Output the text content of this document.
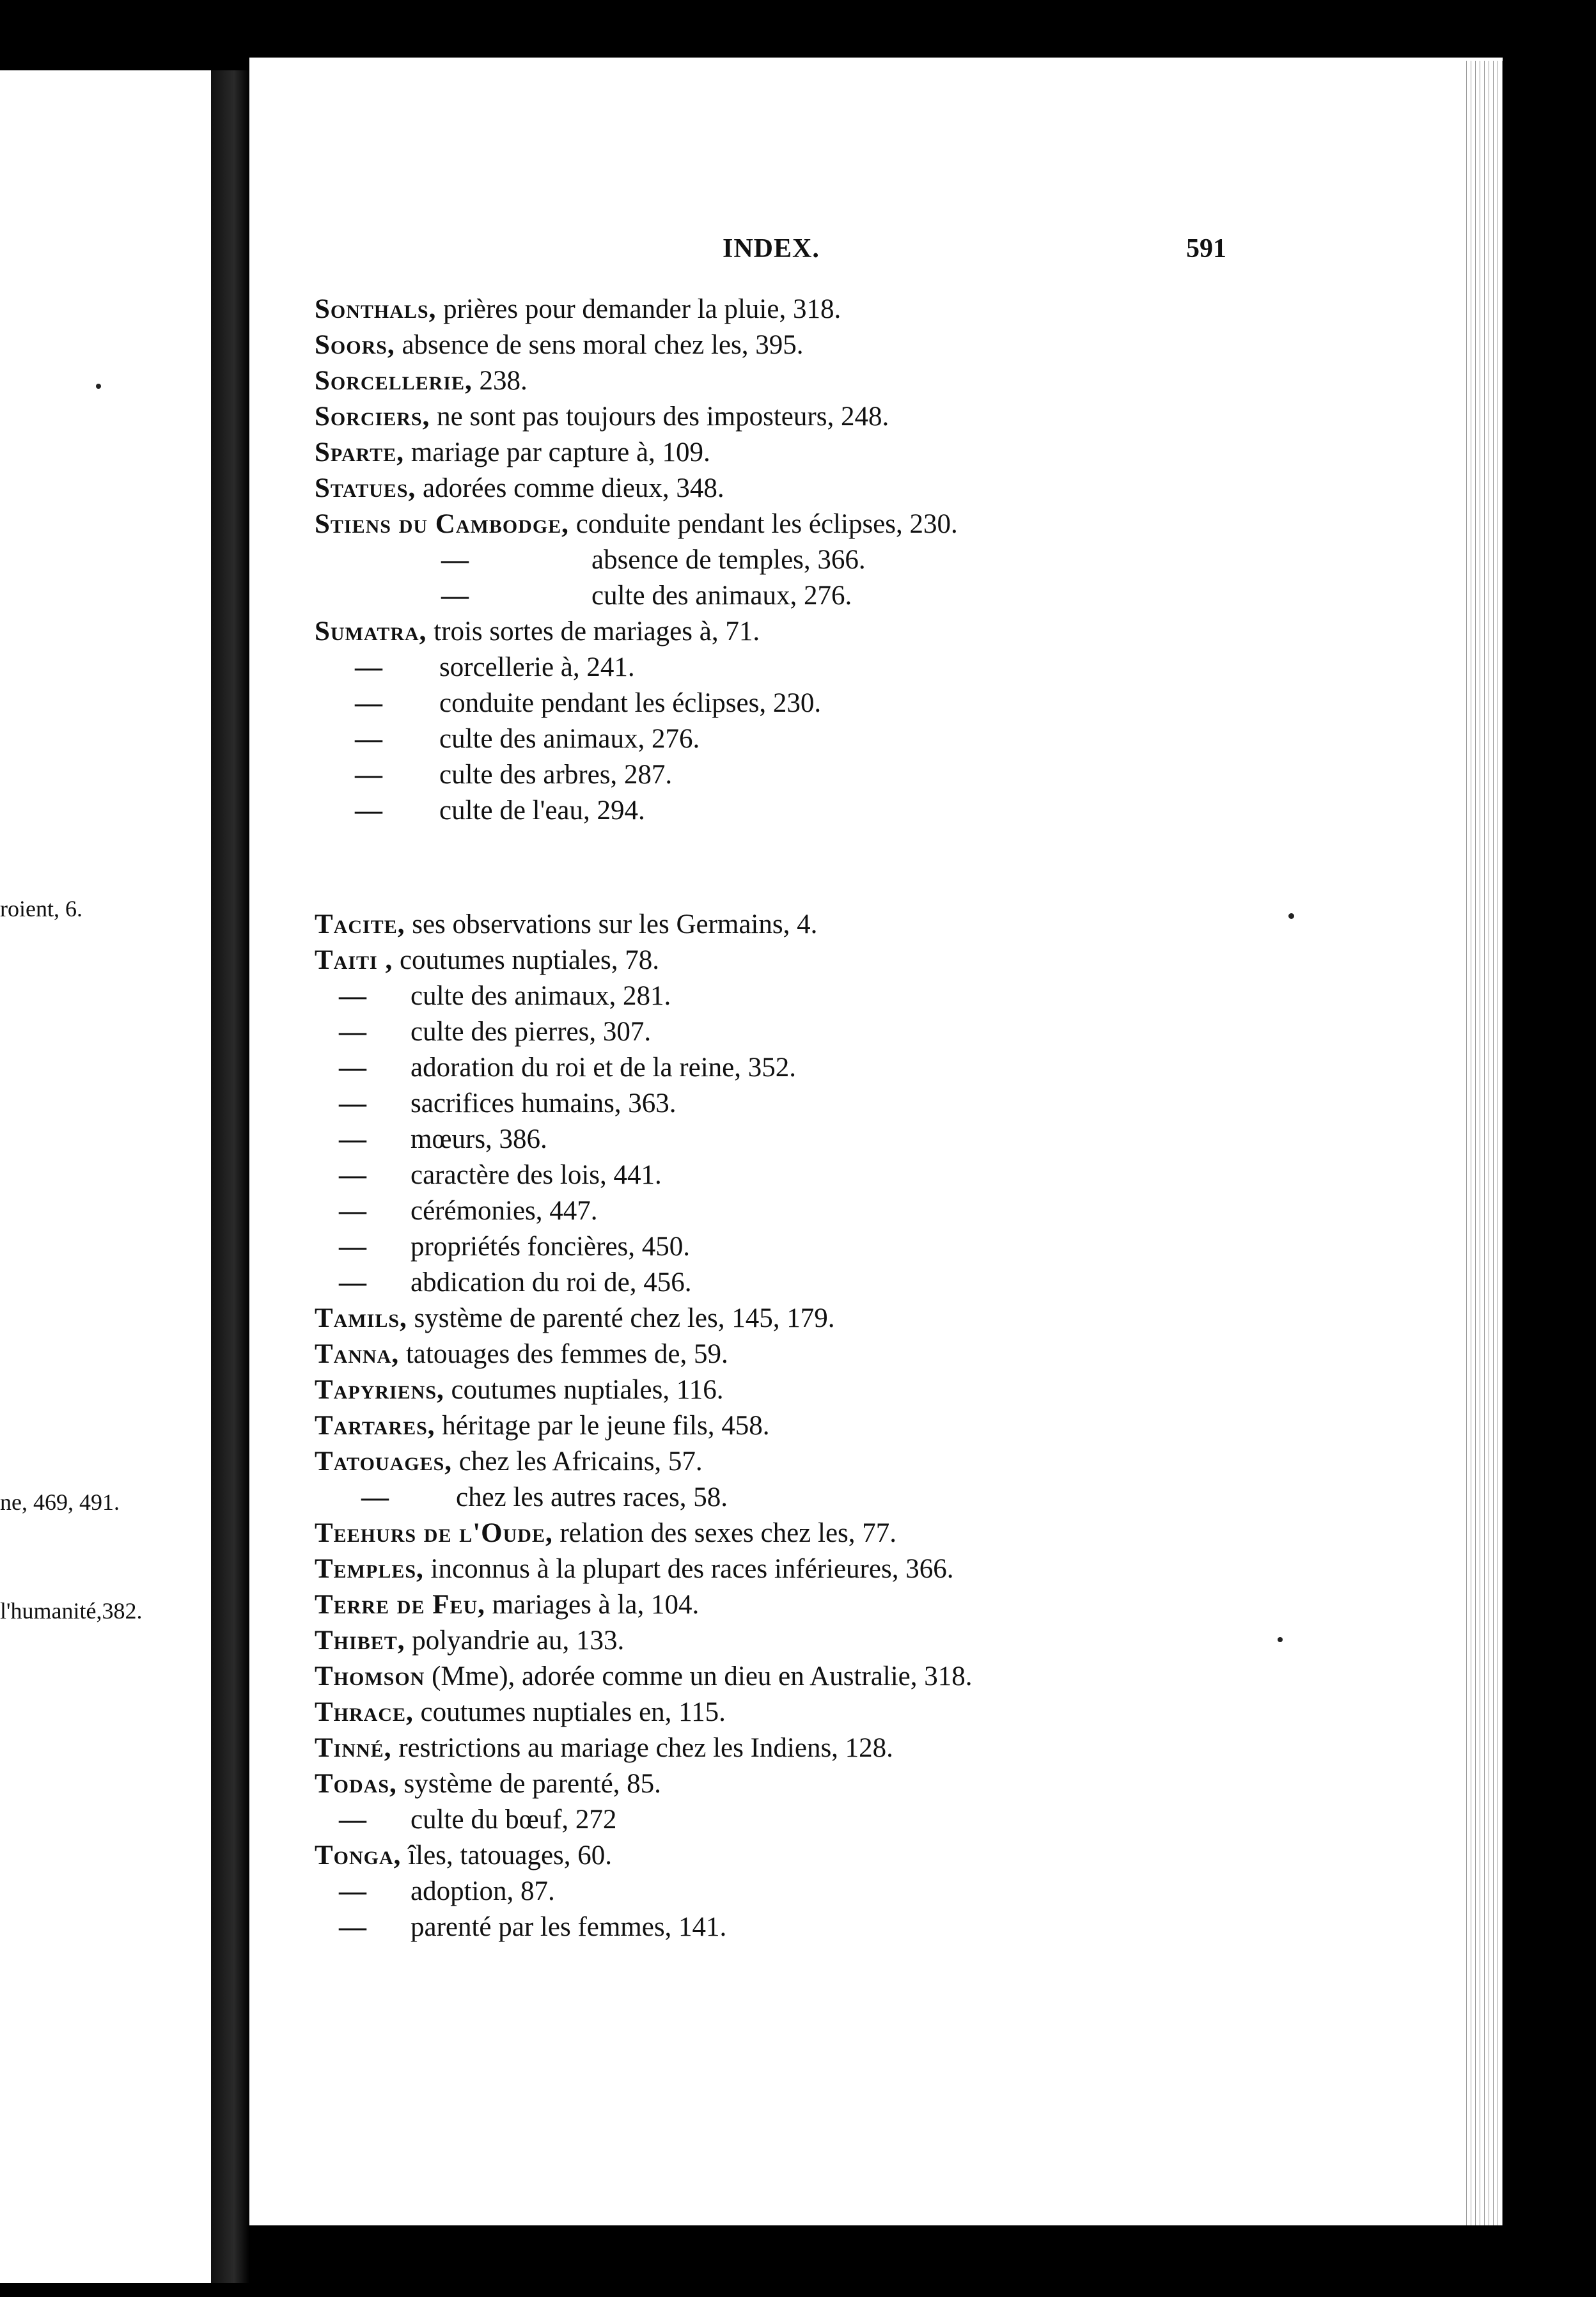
roient, 6.
ne, 469, 491.
l'humanité,382.
INDEX.	591
Sonthals, prières pour demander la pluie, 318.
Soors, absence de sens moral chez les, 395.
Sorcellerie, 238.
Sorciers, ne sont pas toujours des imposteurs, 248.
Sparte, mariage par capture à, 109.
Statues, adorées comme dieux, 348.
Stiens du Cambodge, conduite pendant les éclipses, 230.
—	absence de temples, 366.
—	culte des animaux, 276.
Sumatra, trois sortes de mariages à, 71.
— sorcellerie à, 241.
— conduite pendant les éclipses, 230.
— culte des animaux, 276.
— culte des arbres, 287.
— culte de l'eau, 294.
Tacite, ses observations sur les Germains, 4.
Taiti , coutumes nuptiales, 78.
— culte des animaux, 281.
— culte des pierres, 307.
— adoration du roi et de la reine, 352.
— sacrifices humains, 363.
— mœurs, 386.
— caractère des lois, 441.
— cérémonies, 447.
— propriétés foncières, 450.
— abdication du roi de, 456.
Tamils, système de parenté chez les, 145, 179.
Tanna, tatouages des femmes de, 59.
Tapyriens, coutumes nuptiales, 116.
Tartares, héritage par le jeune fils, 458.
Tatouages, chez les Africains, 57.
— chez les autres races, 58.
Teehurs de l'Oude, relation des sexes chez les, 77.
Temples, inconnus à la plupart des races inférieures, 366.
Terre de Feu, mariages à la, 104.
Thibet, polyandrie au, 133.
Thomson (Mme), adorée comme un dieu en Australie, 318.
Thrace, coutumes nuptiales en, 115.
Tinné, restrictions au mariage chez les Indiens, 128.
Todas, système de parenté, 85.
— culte du bœuf, 272
Tonga, îles, tatouages, 60.
— adoption, 87.
— parenté par les femmes, 141.
